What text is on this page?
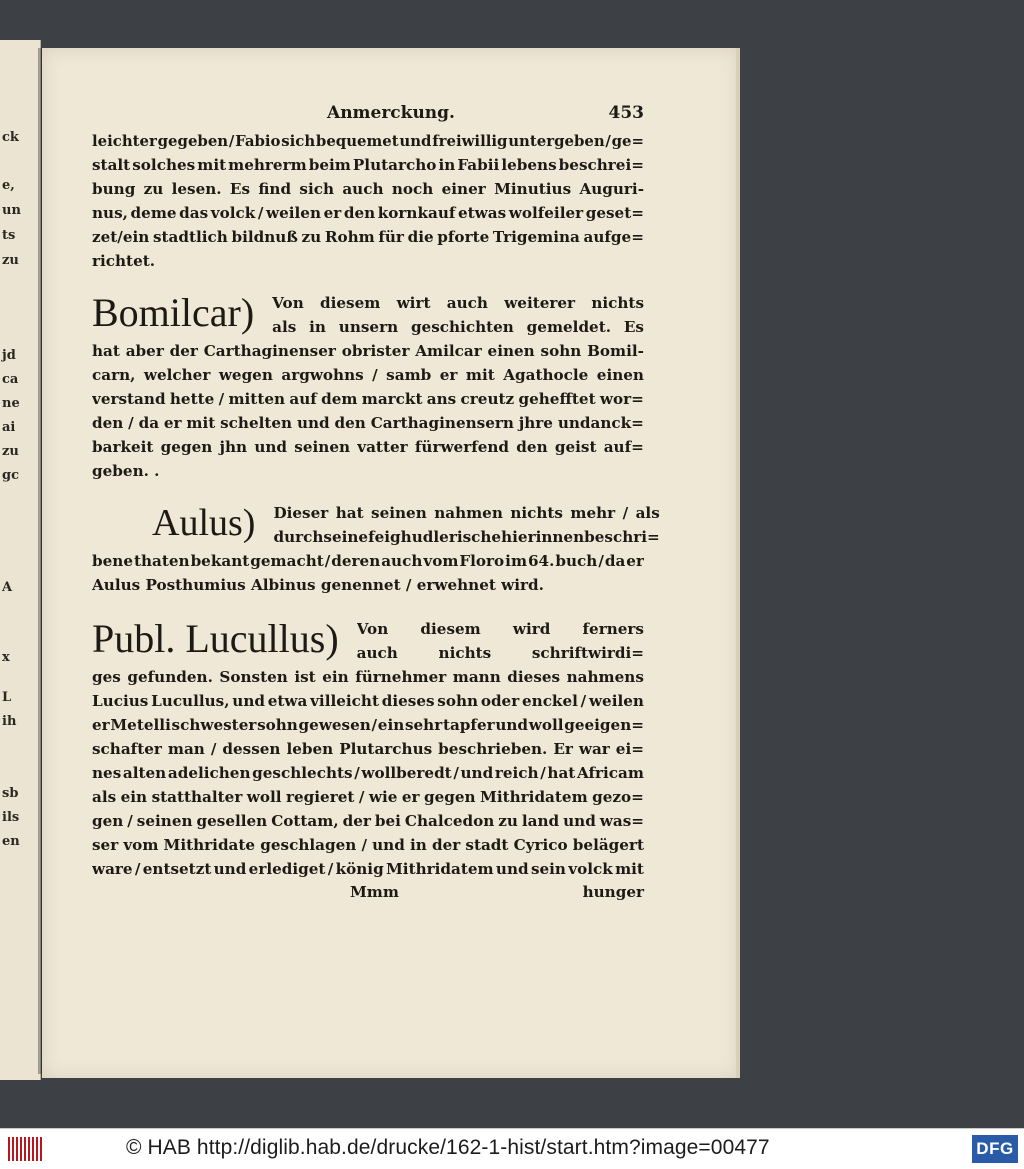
ck
e,
un
ts
zu
jd
ca
ne
ai
zu
gc
A
x
L
ih
sb
ils
en
Anmerckung.	453
leichter gegeben / Fabio sich bequemet und freiwillig untergeben / ge=
stalt solches mit mehrerm beim Plutarcho in Fabii lebens beschrei=
bung zu lesen. Es find sich auch noch einer Minutius Auguri-
nus, deme das volck / weilen er den kornkauf etwas wolfeiler geset=
zet/ein stadtlich bildnuß zu Rohm für die pforte Trigemina aufge=
richtet.
Bomilcar)	Von diesem wirt auch weiterer nichts
als in unsern geschichten gemeldet. Es
hat aber der Carthaginenser obrister Amilcar einen sohn Bomil-
carn, welcher wegen argwohns / samb er mit Agathocle einen
verstand hette / mitten auf dem marckt ans creutz gehefftet wor=
den / da er mit schelten und den Carthaginensern jhre undanck=
barkeit gegen jhn und seinen vatter fürwerfend den geist auf=
geben. .
Aulus)	Dieser hat seinen nahmen nichts mehr / als
durch seine feighudlerische hierinnen beschri=
bene thaten bekant gemacht / deren auch vom Floro im 64. buch / da er
Aulus Posthumius Albinus genennet / erwehnet wird.
Publ. Lucullus)	Von diesem wird ferners
auch	nichts	schriftwirdi=
ges gefunden. Sonsten ist ein fürnehmer mann dieses nahmens
Lucius Lucullus, und etwa villeicht dieses sohn oder enckel / weilen
er Metelli schwester sohn gewesen / ein sehr tapfer und woll geeigen=
schafter man / dessen leben Plutarchus beschrieben. Er war ei=
nes alten adelichen geschlechts / wollberedt / und reich / hat Africam
als ein statthalter woll regieret / wie er gegen Mithridatem gezo=
gen / seinen gesellen Cottam, der bei Chalcedon zu land und was=
ser vom Mithridate geschlagen / und in der stadt Cyrico belägert
ware / entsetzt und erlediget / könig Mithridatem und sein volck mit
Mmm	hunger
© HAB http://diglib.hab.de/drucke/162-1-hist/start.htm?image=00477	DFG
